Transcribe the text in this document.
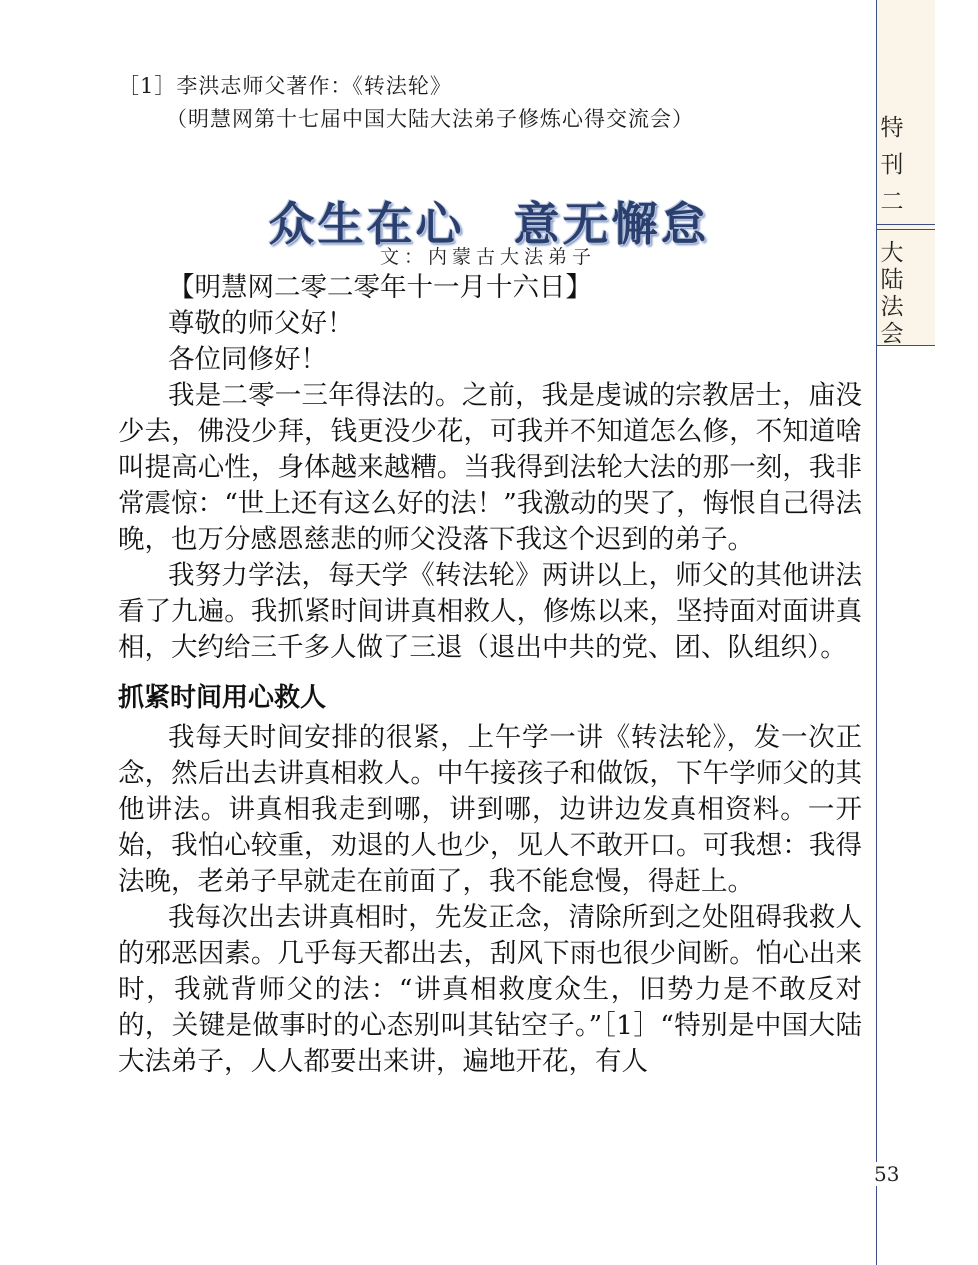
［1］李洪志师父著作：《转法轮》
（明慧网第十七届中国大陆大法弟子修炼心得交流会）
众生在心　意无懈怠
文：内蒙古大法弟子

【明慧网二零二零年十一月十六日】

尊敬的师父好！

各位同修好！

我是二零一三年得法的。之前，我是虔诚的宗教居士，庙没少去，佛没少拜，钱更没少花，可我并不知道怎么修，不知道啥叫提高心性，身体越来越糟。当我得到法轮大法的那一刻，我非常震惊：“世上还有这么好的法！”我激动的哭了，悔恨自己得法晚，也万分感恩慈悲的师父没落下我这个迟到的弟子。

我努力学法，每天学《转法轮》两讲以上，师父的其他讲法看了九遍。我抓紧时间讲真相救人，修炼以来，坚持面对面讲真相，大约给三千多人做了三退（退出中共的党、团、队组织）。

抓紧时间用心救人

我每天时间安排的很紧，上午学一讲《转法轮》，发一次正念，然后出去讲真相救人。中午接孩子和做饭，下午学师父的其他讲法。讲真相我走到哪，讲到哪，边讲边发真相资料。一开始，我怕心较重，劝退的人也少，见人不敢开口。可我想：我得法晚，老弟子早就走在前面了，我不能怠慢，得赶上。

我每次出去讲真相时，先发正念，清除所到之处阻碍我救人的邪恶因素。几乎每天都出去，刮风下雨也很少间断。怕心出来时，我就背师父的法：“讲真相救度众生，旧势力是不敢反对的，关键是做事时的心态别叫其钻空子。”［1］“特别是中国大陆大法弟子，人人都要出来讲，遍地开花，有人

特
刊
二
大
陆
法
会
53
